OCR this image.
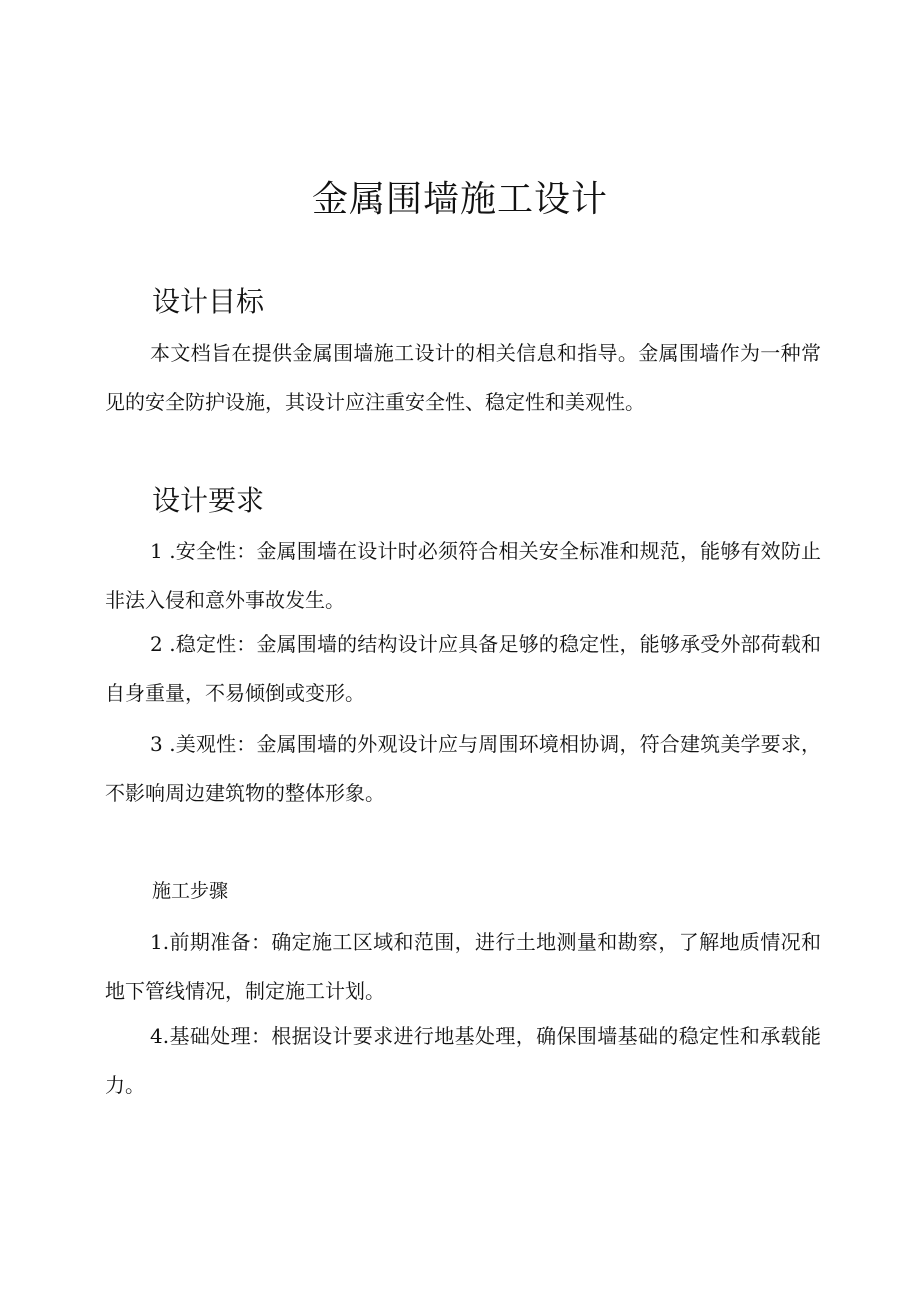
金属围墙施工设计
设计目标

本文档旨在提供金属围墙施工设计的相关信息和指导。金属围墙作为一种常见的安全防护设施，其设计应注重安全性、稳定性和美观性。

设计要求

1 .安全性：金属围墙在设计时必须符合相关安全标准和规范，能够有效防止非法入侵和意外事故发生。

2 .稳定性：金属围墙的结构设计应具备足够的稳定性，能够承受外部荷载和自身重量，不易倾倒或变形。

3 .美观性：金属围墙的外观设计应与周围环境相协调，符合建筑美学要求，不影响周边建筑物的整体形象。

施工步骤

1.前期准备：确定施工区域和范围，进行土地测量和勘察，了解地质情况和地下管线情况，制定施工计划。

4.基础处理：根据设计要求进行地基处理，确保围墙基础的稳定性和承载能力。
